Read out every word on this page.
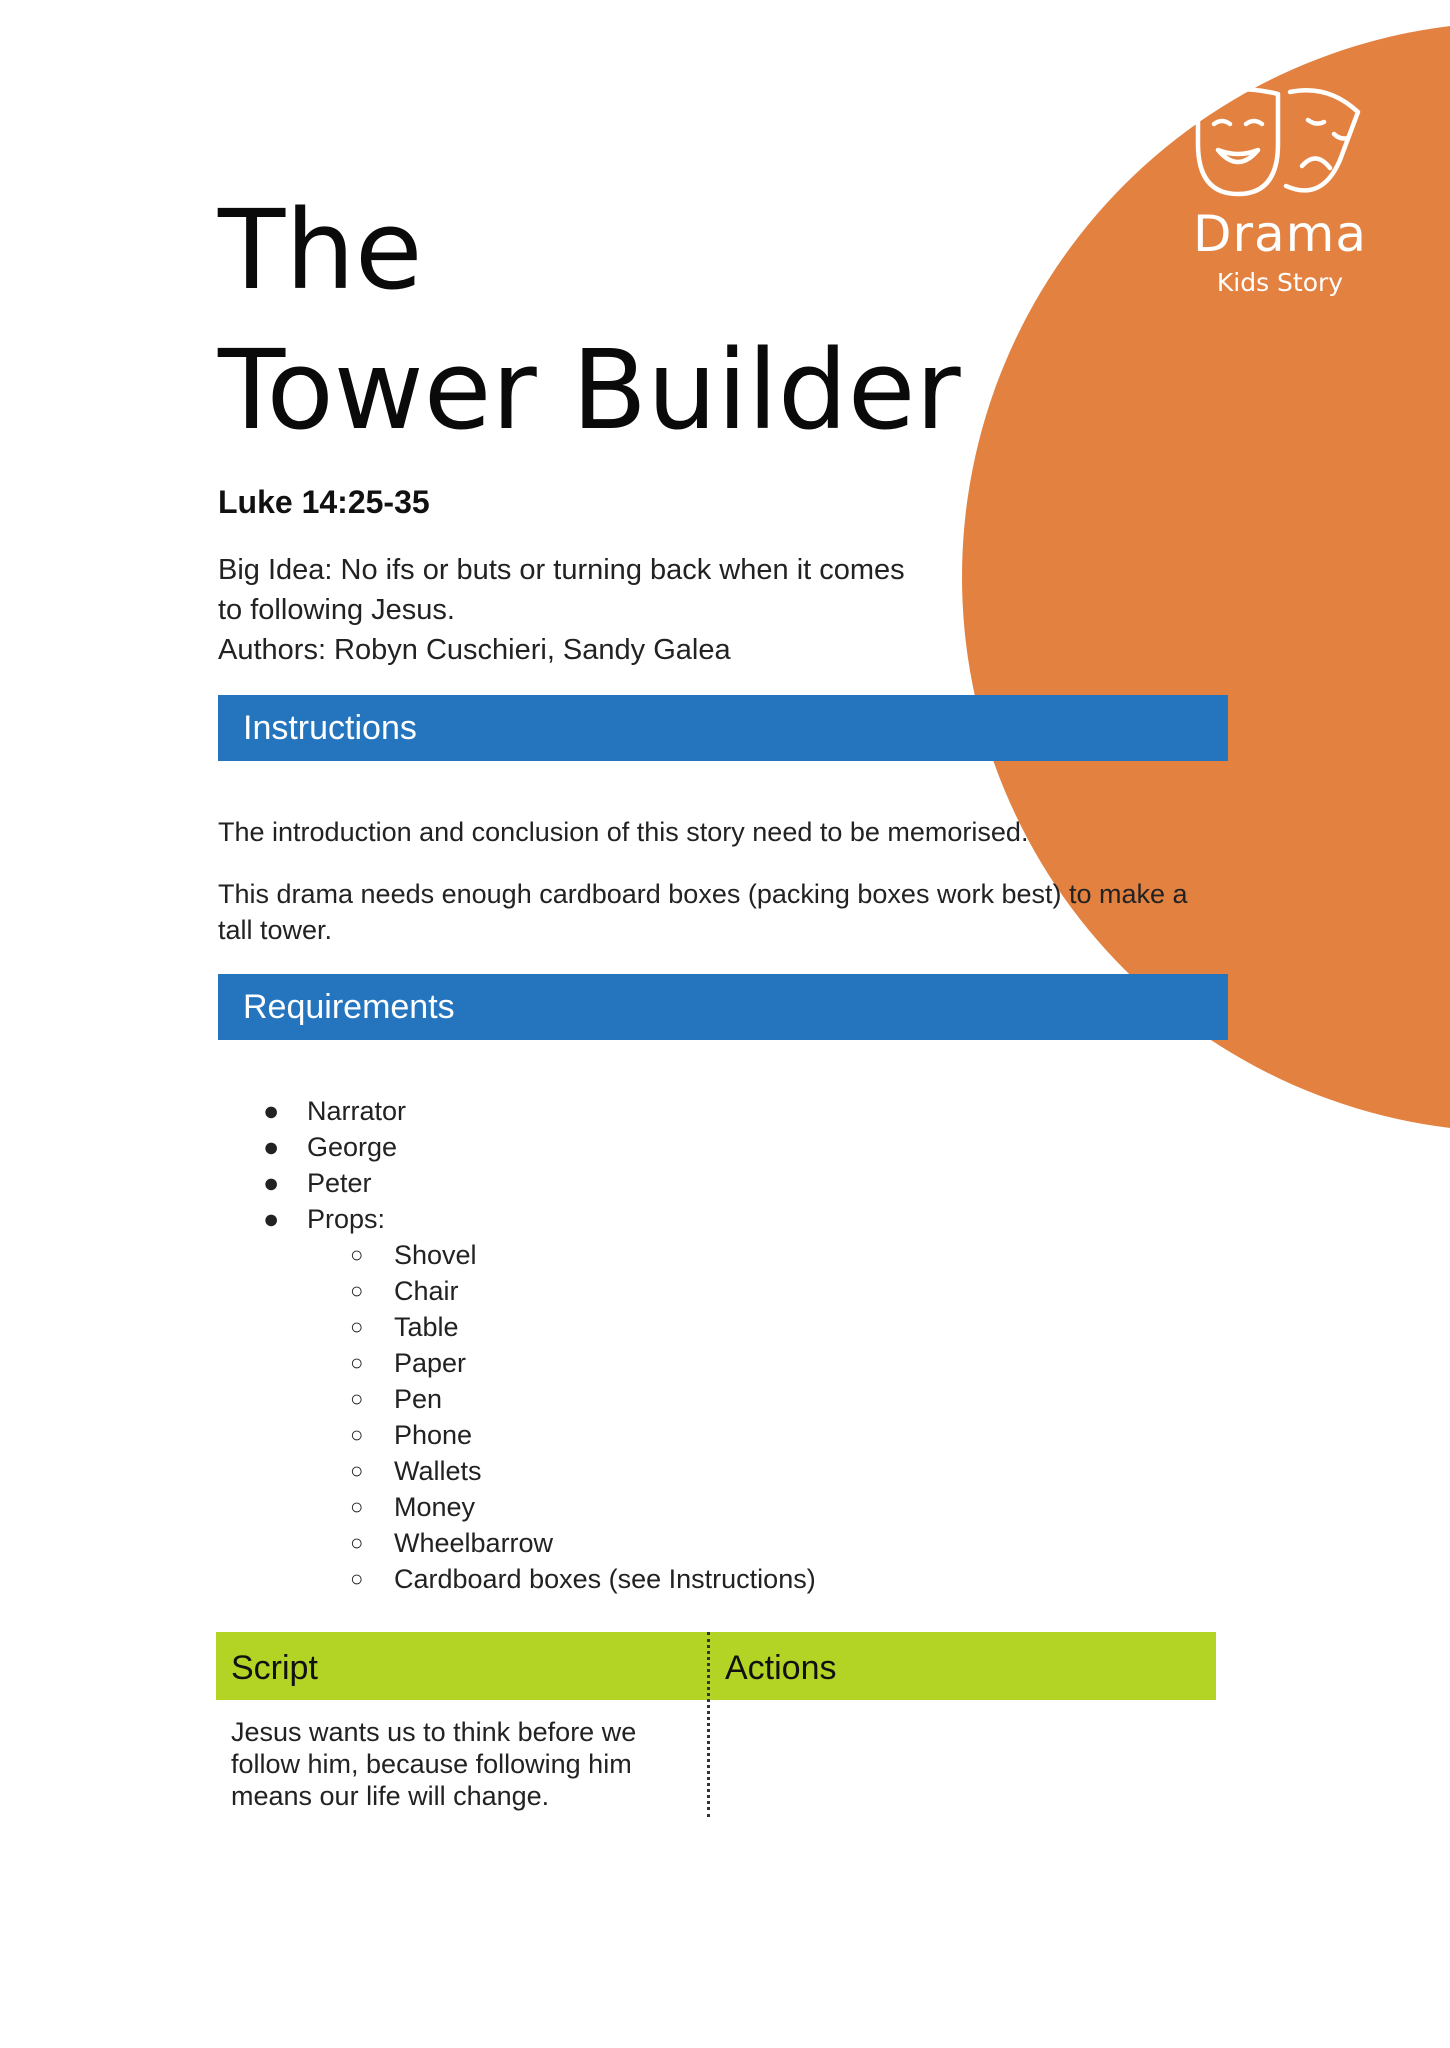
Drama
Kids Story
The
Tower Builder
Luke 14:25-35
Big Idea: No ifs or buts or turning back when it comes
to following Jesus.
Authors: Robyn Cuschieri, Sandy Galea
Instructions
The introduction and conclusion of this story need to be memorised.
This drama needs enough cardboard boxes (packing boxes work best) to make a tall tower.
Requirements
●	Narrator
●	George
●	Peter
●	Props:
○	Shovel
○	Chair
○	Table
○	Paper
○	Pen
○	Phone
○	Wallets
○	Money
○	Wheelbarrow
○	Cardboard boxes (see Instructions)
Script	Actions
Jesus wants us to think before we follow him, because following him means our life will change.
